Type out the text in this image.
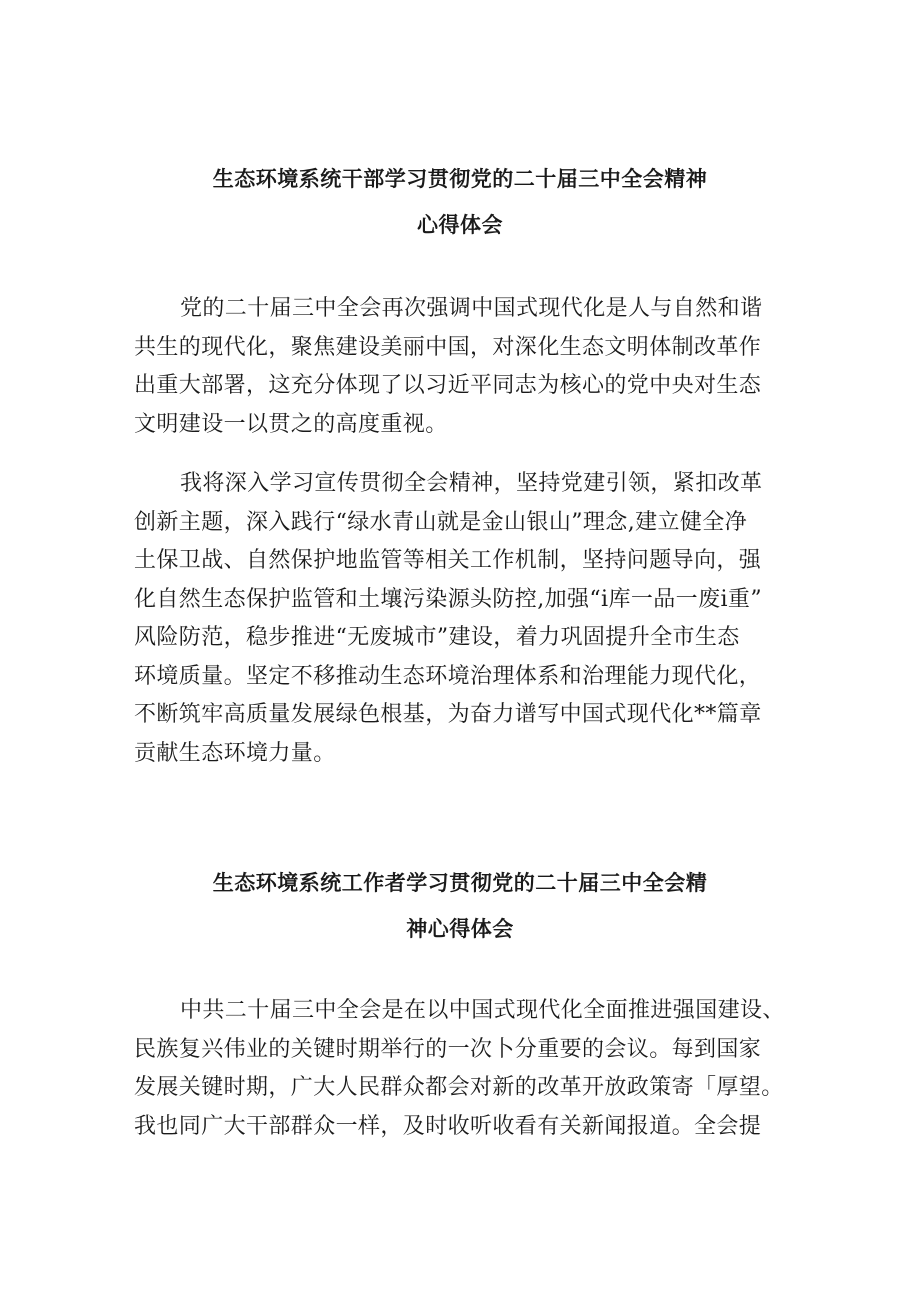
生态环境系统干部学习贯彻党的二十届三中全会精神
心得体会

党的二十届三中全会再次强调中国式现代化是人与自然和谐
共生的现代化，聚焦建设美丽中国，对深化生态文明体制改革作
出重大部署，这充分体现了以习近平同志为核心的党中央对生态
文明建设一以贯之的高度重视。

我将深入学习宣传贯彻全会精神，坚持党建引领，紧扣改革
创新主题，深入践行“绿水青山就是金山银山”理念,建立健全净
土保卫战、自然保护地监管等相关工作机制，坚持问题导向，强
化自然生态保护监管和土壤污染源头防控,加强“i库一品一废i重”
风险防范，稳步推进“无废城市”建设，着力巩固提升全市生态
环境质量。坚定不移推动生态环境治理体系和治理能力现代化，
不断筑牢高质量发展绿色根基，为奋力谱写中国式现代化**篇章
贡献生态环境力量。

生态环境系统工作者学习贯彻党的二十届三中全会精
神心得体会

中共二十届三中全会是在以中国式现代化全面推进强国建设、
民族复兴伟业的关键时期举行的一次卜分重要的会议。每到国家
发展关键时期，广大人民群众都会对新的改革开放政策寄「厚望。
我也同广大干部群众一样，及时收听收看有关新闻报道。全会提
